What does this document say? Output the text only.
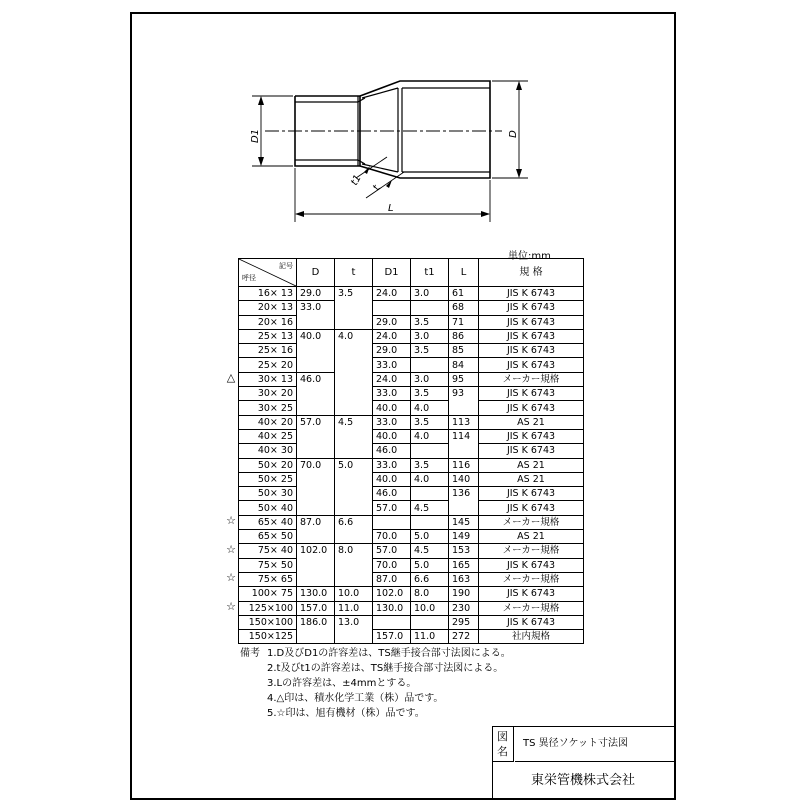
D1	D
L
t1
t
単位:mm
記号
呼径	D	t	D1	t1	L	規 格
16× 13	29.0	3.5	24.0	3.0	61	JIS K 6743
20× 13	33.0				68	JIS K 6743
20× 16			29.0	3.5	71	JIS K 6743
25× 13	40.0	4.0	24.0	3.0	86	JIS K 6743
25× 16			29.0	3.5	85	JIS K 6743
25× 20			33.0		84	JIS K 6743
30× 13	46.0		24.0	3.0	95	メーカー規格
30× 20			33.0	3.5	93	JIS K 6743
30× 25			40.0	4.0		JIS K 6743
40× 20	57.0	4.5	33.0	3.5	113	AS 21
40× 25			40.0	4.0	114	JIS K 6743
40× 30			46.0			JIS K 6743
50× 20	70.0	5.0	33.0	3.5	116	AS 21
50× 25			40.0	4.0	140	AS 21
50× 30			46.0		136	JIS K 6743
50× 40			57.0	4.5		JIS K 6743
65× 40	87.0	6.6			145	メーカー規格
65× 50			70.0	5.0	149	AS 21
75× 40	102.0	8.0	57.0	4.5	153	メーカー規格
75× 50			70.0	5.0	165	JIS K 6743
75× 65			87.0	6.6	163	メーカー規格
100× 75	130.0	10.0	102.0	8.0	190	JIS K 6743
125×100	157.0	11.0	130.0	10.0	230	メーカー規格
150×100	186.0	13.0			295	JIS K 6743
150×125			157.0	11.0	272	社内規格
△
☆
☆
☆
☆
備考 1.D及びD1の許容差は、TS継手接合部寸法図による。
2.t及びt1の許容差は、TS継手接合部寸法図による。
3.Lの許容差は、±4mmとする。
4.△印は、積水化学工業（株）品です。
5.☆印は、旭有機材（株）品です。
図
名
TS 異径ソケット寸法図
東栄管機株式会社
